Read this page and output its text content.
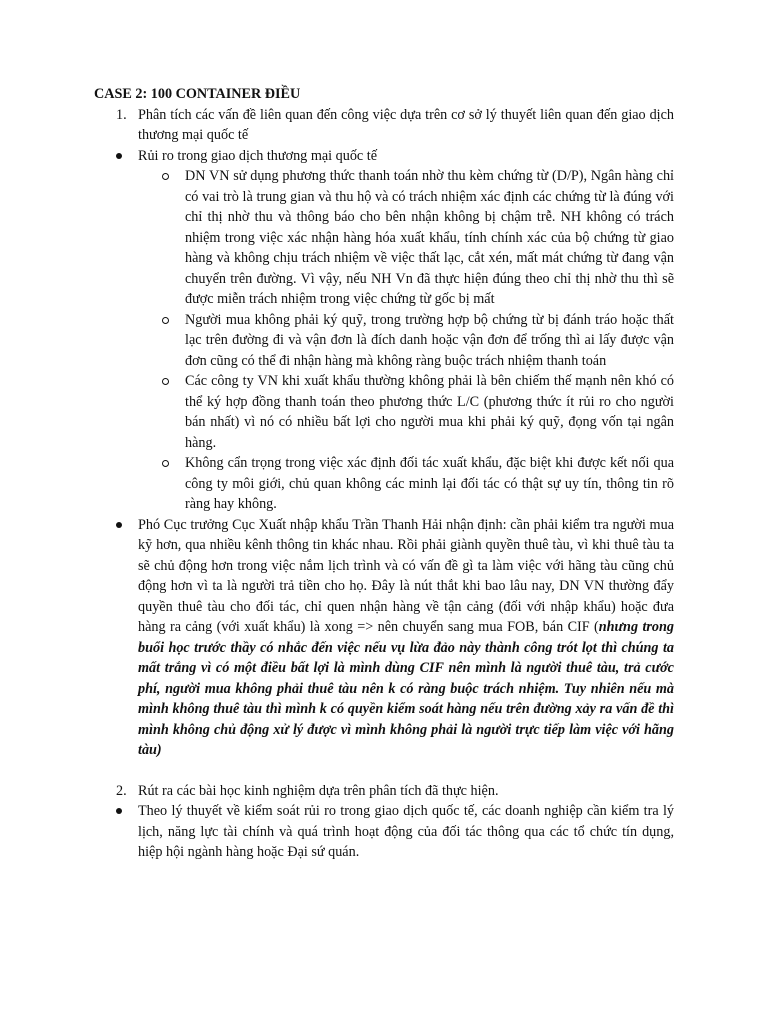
CASE 2: 100 CONTAINER ĐIỀU

1. Phân tích các vấn đề liên quan đến công việc dựa trên cơ sở lý thuyết liên quan đến giao dịch thương mại quốc tế
Rủi ro trong giao dịch thương mại quốc tế
DN VN sử dụng phương thức thanh toán nhờ thu kèm chứng từ (D/P), Ngân hàng chỉ có vai trò là trung gian và thu hộ và có trách nhiệm xác định các chứng từ là đúng với chỉ thị nhờ thu và thông báo cho bên nhận không bị chậm trễ. NH không có trách nhiệm trong việc xác nhận hàng hóa xuất khẩu, tính chính xác của bộ chứng từ giao hàng và không chịu trách nhiệm về việc thất lạc, cắt xén, mất mát chứng từ đang vận chuyển trên đường. Vì vậy, nếu NH Vn đã thực hiện đúng theo chỉ thị nhờ thu thì sẽ được miễn trách nhiệm trong việc chứng từ gốc bị mất
Người mua không phải ký quỹ, trong trường hợp bộ chứng từ bị đánh tráo hoặc thất lạc trên đường đi và vận đơn là đích danh hoặc vận đơn để trống thì ai lấy được vận đơn cũng có thể đi nhận hàng mà không ràng buộc trách nhiệm thanh toán
Các công ty VN khi xuất khẩu thường không phải là bên chiếm thế mạnh nên khó có thể ký hợp đồng thanh toán theo phương thức L/C (phương thức ít rủi ro cho người bán nhất) vì nó có nhiều bất lợi cho người mua khi phải ký quỹ, đọng vốn tại ngân hàng.
Không cẩn trọng trong việc xác định đối tác xuất khẩu, đặc biệt khi được kết nối qua công ty môi giới, chủ quan không các minh lại đối tác có thật sự uy tín, thông tin rõ ràng hay không.
Phó Cục trưởng Cục Xuất nhập khẩu Trần Thanh Hải nhận định: cần phải kiểm tra người mua kỹ hơn, qua nhiều kênh thông tin khác nhau. Rồi phải giành quyền thuê tàu, vì khi thuê tàu ta sẽ chủ động hơn trong việc nắm lịch trình và có vấn đề gì ta làm việc với hãng tàu cũng chủ động hơn vì ta là người trả tiền cho họ. Đây là nút thắt khi bao lâu nay, DN VN thường đẩy quyền thuê tàu cho đối tác, chỉ quen nhận hàng về tận cảng (đối với nhập khẩu) hoặc đưa hàng ra cảng (với xuất khẩu) là xong => nên chuyển sang mua FOB, bán CIF (nhưng trong buổi học trước thầy có nhắc đến việc nếu vụ lừa đảo này thành công trót lọt thì chúng ta mất trắng vì có một điều bất lợi là mình dùng CIF nên mình là người thuê tàu, trả cước phí, người mua không phải thuê tàu nên k có ràng buộc trách nhiệm. Tuy nhiên nếu mà mình không thuê tàu thì mình k có quyền kiểm soát hàng nếu trên đường xảy ra vấn đề thì mình không chủ động xử lý được vì mình không phải là người trực tiếp làm việc với hãng tàu)
2. Rút ra các bài học kinh nghiệm dựa trên phân tích đã thực hiện.
Theo lý thuyết về kiểm soát rủi ro trong giao dịch quốc tế, các doanh nghiệp cần kiểm tra lý lịch, năng lực tài chính và quá trình hoạt động của đối tác thông qua các tổ chức tín dụng, hiệp hội ngành hàng hoặc Đại sứ quán.
